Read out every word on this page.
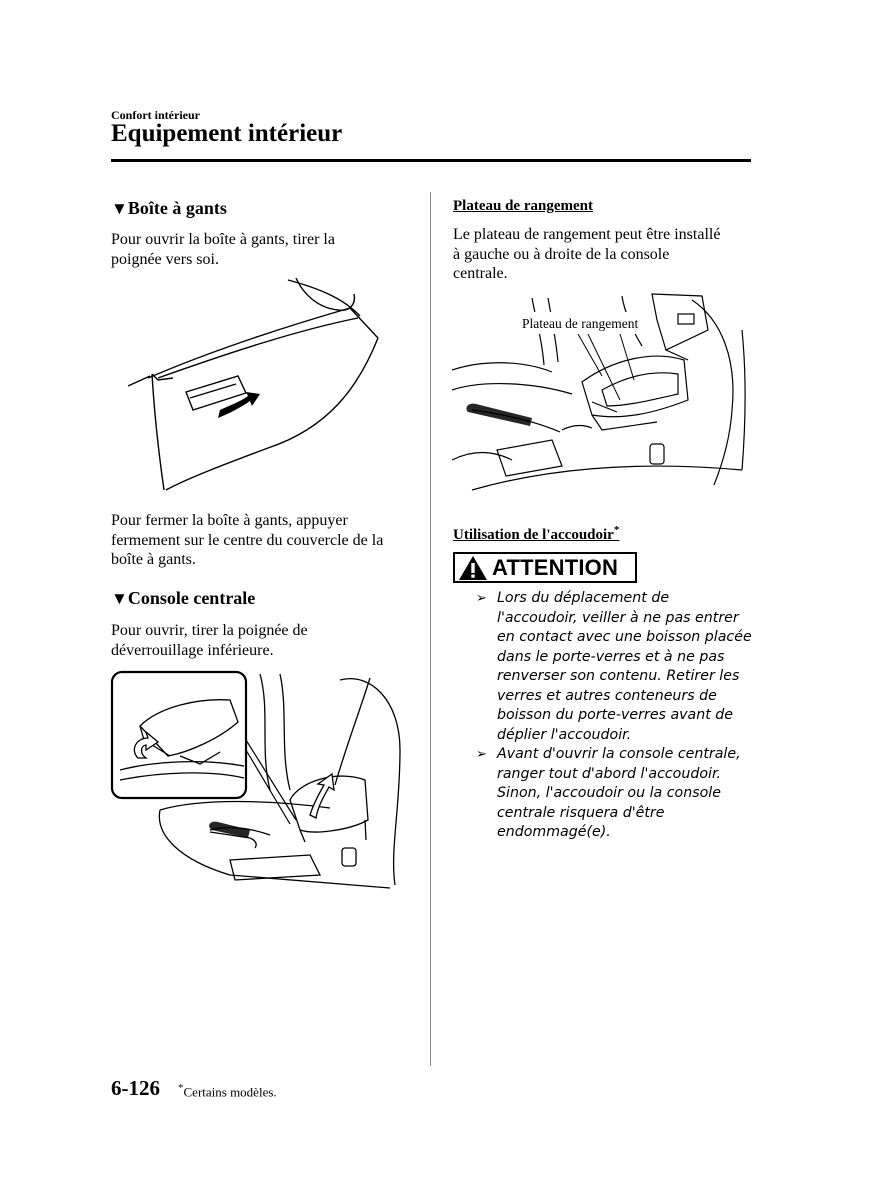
Confort intérieur
Equipement intérieur
▼Boîte à gants
Pour ouvrir la boîte à gants, tirer la
poignée vers soi.
Pour fermer la boîte à gants, appuyer
fermement sur le centre du couvercle de la
boîte à gants.
▼Console centrale
Pour ouvrir, tirer la poignée de
déverrouillage inférieure.
Plateau de rangement
Le plateau de rangement peut être installé
à gauche ou à droite de la console
centrale.
Plateau de rangement
Utilisation de l'accoudoir*
ATTENTION
➢ Lors du déplacement de
l'accoudoir, veiller à ne pas entrer
en contact avec une boisson placée
dans le porte-verres et à ne pas
renverser son contenu. Retirer les
verres et autres conteneurs de
boisson du porte-verres avant de
déplier l'accoudoir.
➢ Avant d'ouvrir la console centrale,
ranger tout d'abord l'accoudoir.
Sinon, l'accoudoir ou la console
centrale risquera d'être
endommagé(e).
6-126 *Certains modèles.
